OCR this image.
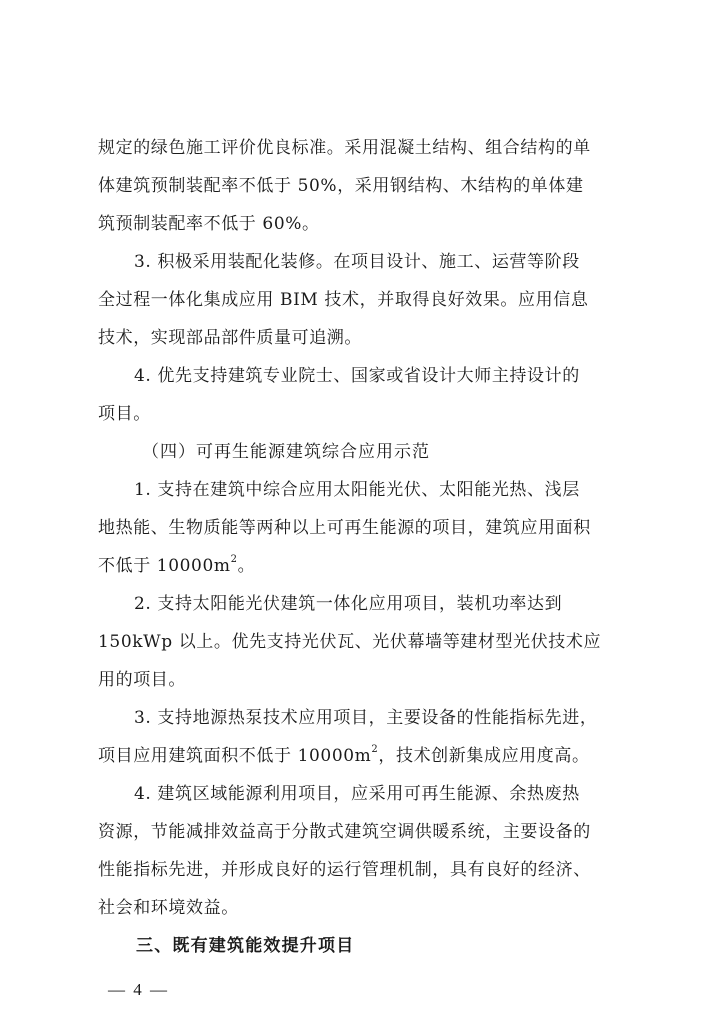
规定的绿色施工评价优良标准。采用混凝土结构、组合结构的单
体建筑预制装配率不低于 50%，采用钢结构、木结构的单体建
筑预制装配率不低于 60%。
3. 积极采用装配化装修。在项目设计、施工、运营等阶段
全过程一体化集成应用 BIM 技术，并取得良好效果。应用信息
技术，实现部品部件质量可追溯。
4. 优先支持建筑专业院士、国家或省设计大师主持设计的
项目。
（四）可再生能源建筑综合应用示范
1. 支持在建筑中综合应用太阳能光伏、太阳能光热、浅层
地热能、生物质能等两种以上可再生能源的项目，建筑应用面积
不低于 $10000m^2$。
2. 支持太阳能光伏建筑一体化应用项目，装机功率达到
150kWp 以上。优先支持光伏瓦、光伏幕墙等建材型光伏技术应
用的项目。
3. 支持地源热泵技术应用项目，主要设备的性能指标先进，
项目应用建筑面积不低于 $10000m^2$，技术创新集成应用度高。
4. 建筑区域能源利用项目，应采用可再生能源、余热废热
资源，节能减排效益高于分散式建筑空调供暖系统，主要设备的
性能指标先进，并形成良好的运行管理机制，具有良好的经济、
社会和环境效益。
三、既有建筑能效提升项目
— 4 —
